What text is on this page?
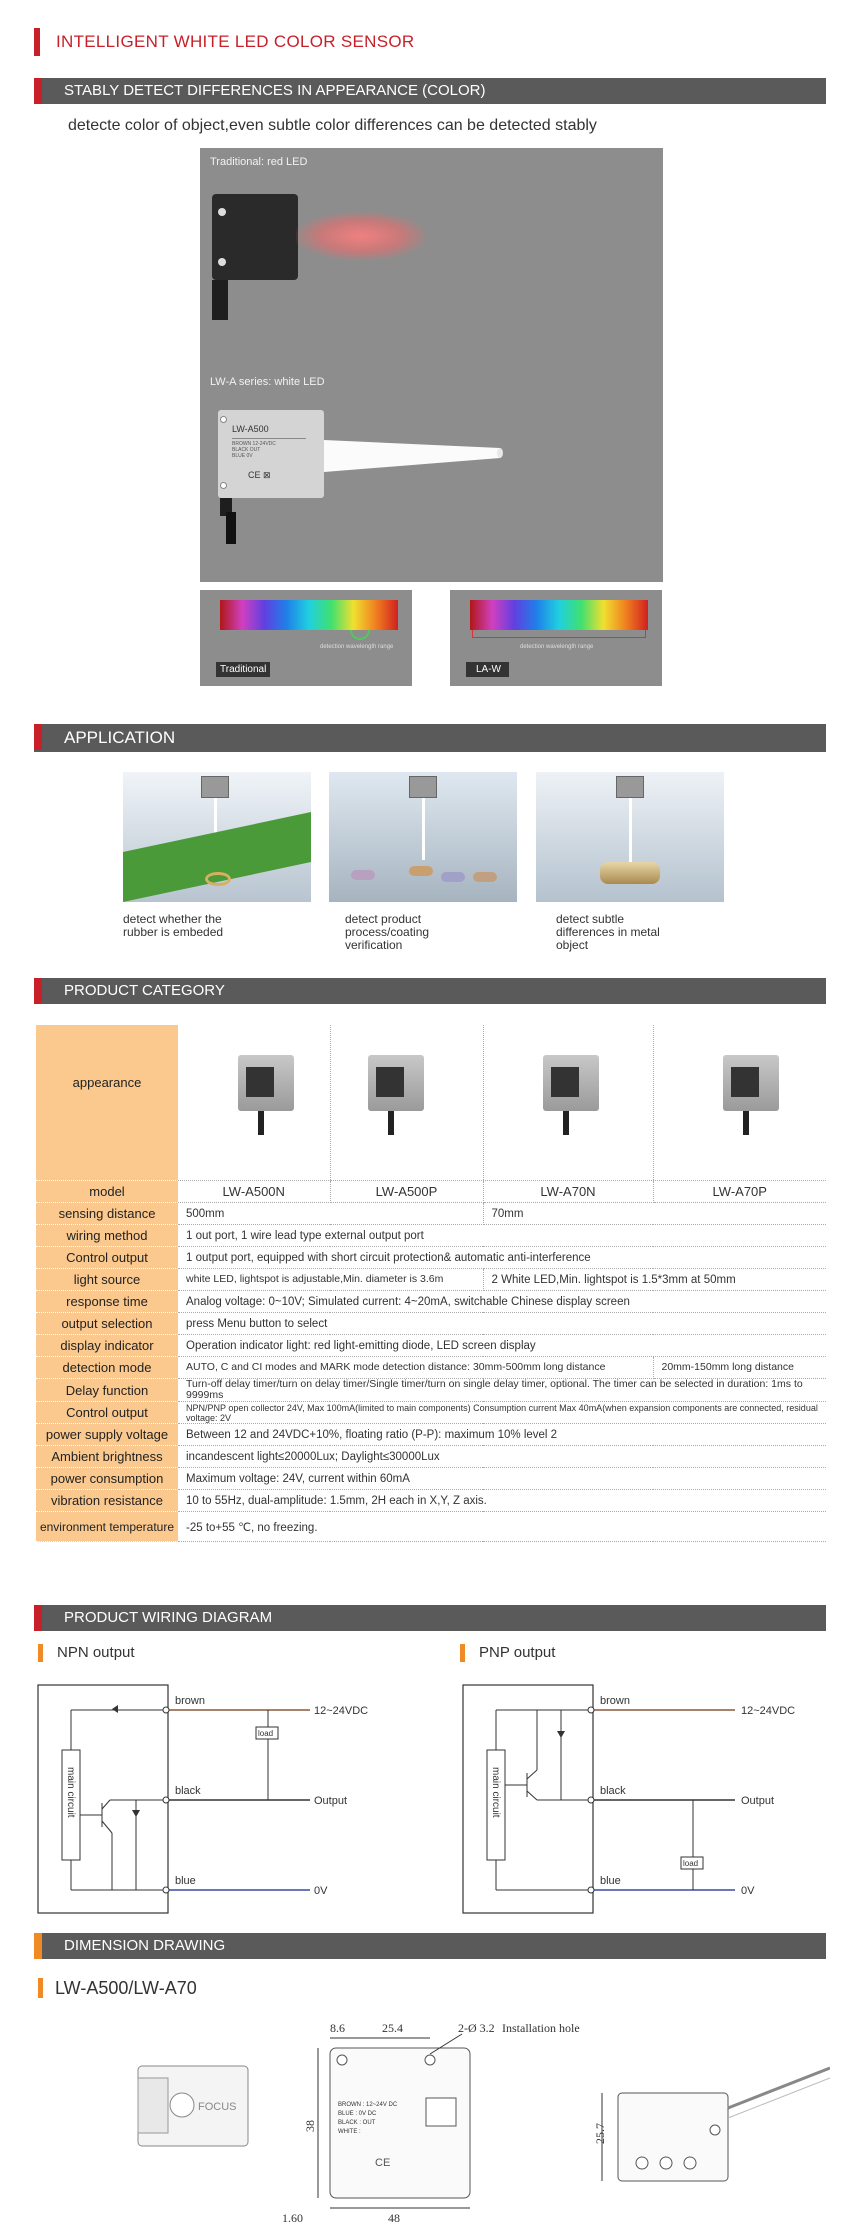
INTELLIGENT WHITE LED COLOR SENSOR
STABLY DETECT DIFFERENCES IN APPEARANCE (COLOR)
detecte color of object,even subtle color differences can be detected stably
Traditional: red LED
LW-A series: white LED
LW-A500
BROWN 12-24VDC
BLACK OUT
BLUE 0V
CE ⊠
detection wavelength range
Traditional
detection wavelength range
LA-W
APPLICATION
detect whether the rubber is embeded
detect product process/coating verification
detect subtle differences in metal object
PRODUCT CATEGORY
appearance				

model	LW-A500N	LW-A500P	LW-A70N	LW-A70P
sensing distance	500mm		70mm	
wiring method	1 out port, 1 wire lead type external output port			
Control output	1 output port, equipped with short circuit protection& automatic anti-interference			
light source	white LED, lightspot is adjustable,Min. diameter is 3.6m		2 White LED,Min. lightspot is 1.5*3mm at 50mm	
response time	Analog voltage: 0~10V; Simulated current: 4~20mA, switchable Chinese display screen			
output selection	press Menu button to select			
display indicator	Operation indicator light: red light-emitting diode, LED screen display			
detection mode	AUTO, C and CI modes and MARK mode detection distance: 30mm-500mm long distance			20mm-150mm long distance
Delay function	Turn-off delay timer/turn on delay timer/Single timer/turn on single delay timer, optional. The timer can be selected in duration: 1ms to 9999ms			
Control output	NPN/PNP open collector 24V, Max 100mA(limited to main components) Consumption current Max 40mA(when expansion components are connected, residual voltage: 2V			
power supply voltage	Between 12 and 24VDC+10%, floating ratio (P-P): maximum 10% level 2			
Ambient brightness	incandescent light≤20000Lux; Daylight≤30000Lux			
power consumption	Maximum voltage: 24V, current within 60mA			
vibration resistance	10 to 55Hz, dual-amplitude: 1.5mm, 2H each in X,Y, Z axis.			
environment temperature	-25 to+55 ℃, no freezing.			
PRODUCT WIRING DIAGRAM
NPN output	PNP output
brown
black
blue
load
12~24VDC
Output
0V
main circuit
brown
black
blue
load
12~24VDC
Output
0V
main circuit
DIMENSION DRAWING
LW-A500/LW-A70
FOCUS
CE
BROWN : 12~24V DC
BLUE : 0V DC
BLACK : OUT
WHITE :
8.6	25.4	2-Ø 3.2 Installation hole
38
1.60	48
25.7
